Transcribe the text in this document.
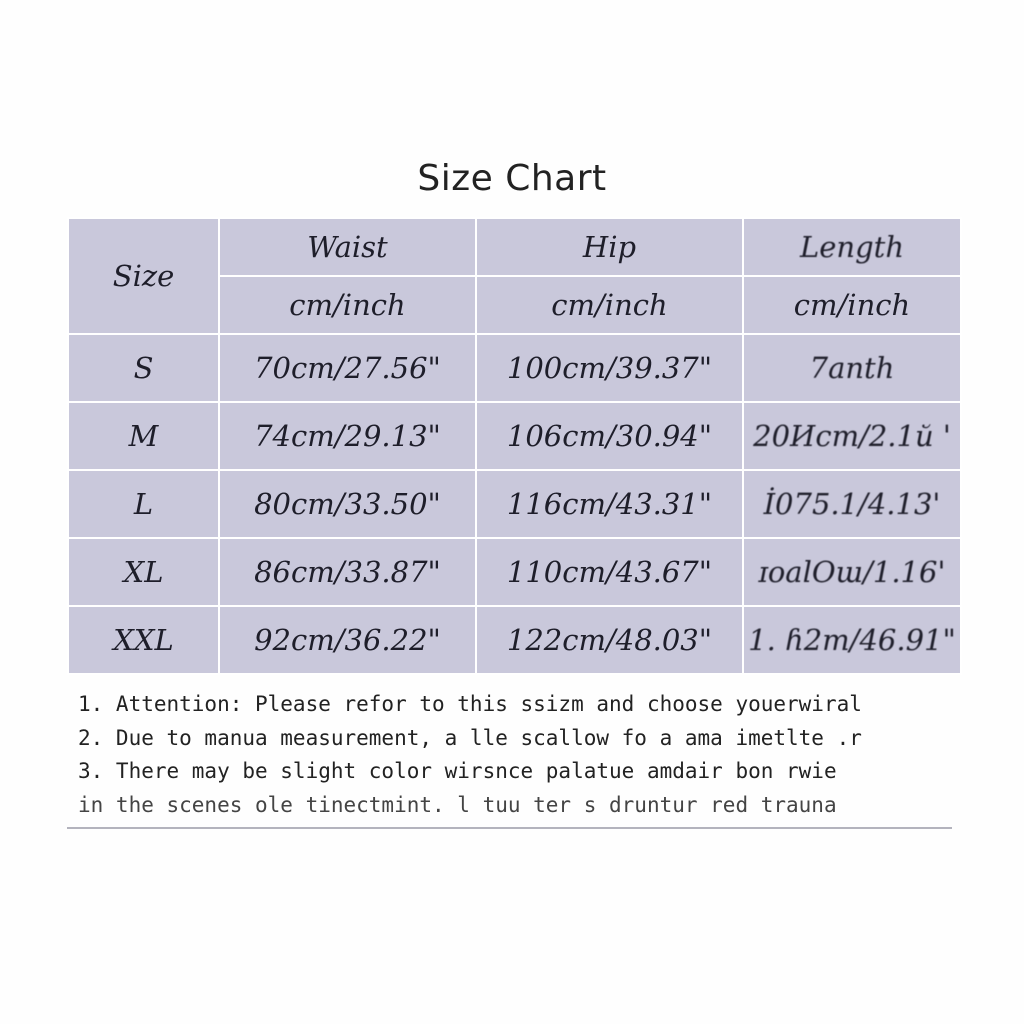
Size Chart
Size	Waist	Hip	Length
	cm/inch	cm/inch	cm/inch
S	70cm/27.56"	100cm/39.37"	7аnth
M	74cm/29.13"	106cm/30.94"	20Иcm/2.1й '
L	80cm/33.50"	116cm/43.31"	İ075.1/4.13'
XL	86cm/33.87"	110cm/43.67"	ɪoalOɯ/1.16'
XXL	92cm/36.22"	122cm/48.03"	1. ɦ2m/46.91"
1. Attention: Please refor to this ssizm and choose youerwiral
2. Due to manua measurement, a lle scallow fo a ama imetlte .r
3. There may be slight color wirsnce palatue amdair bon rwie
in the scenes ole tinectmint. l tuu ter s druntur red trauna
